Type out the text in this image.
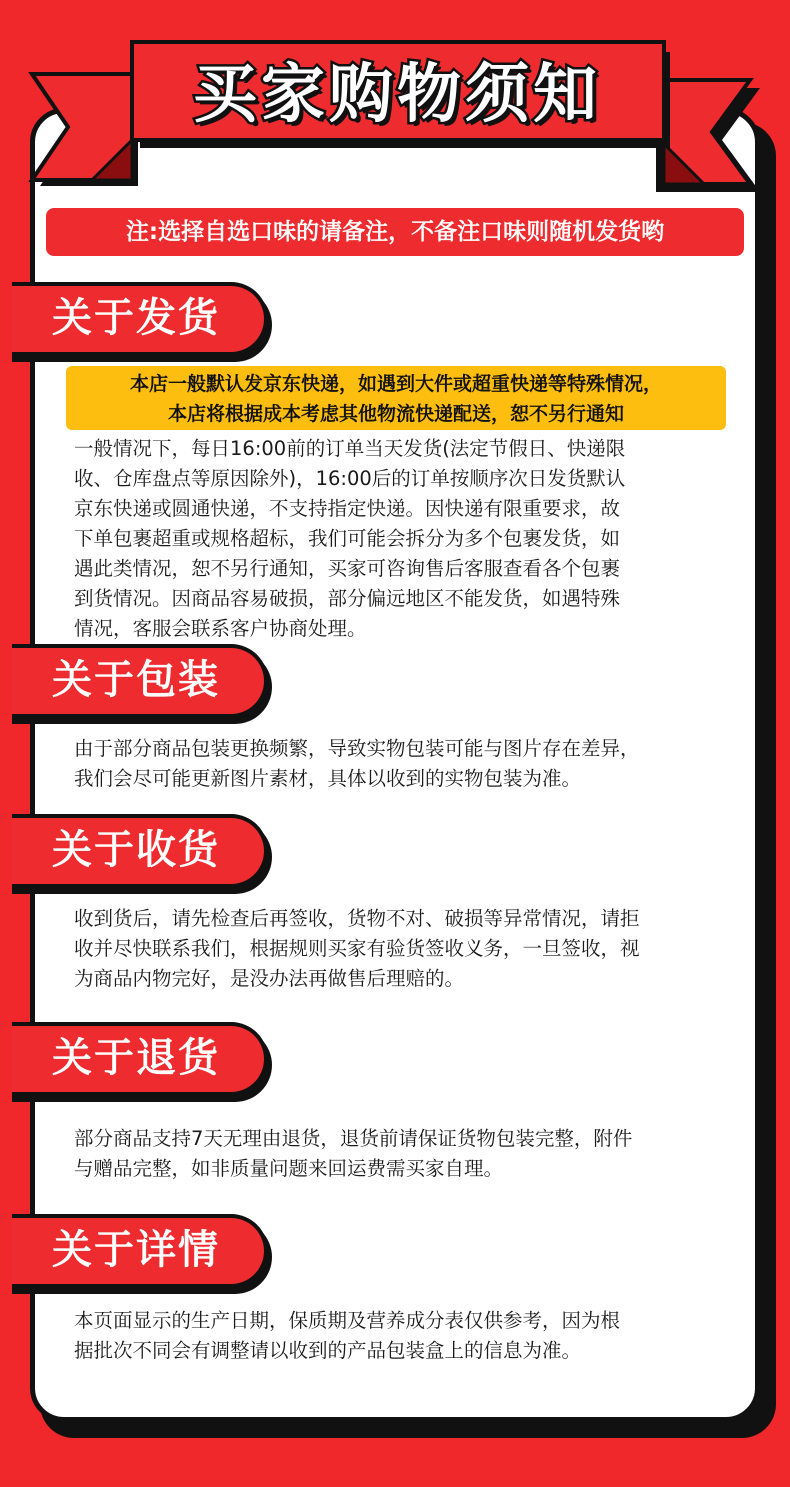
买家购物须知
注:选择自选口味的请备注，不备注口味则随机发货哟
关于发货
本店一般默认发京东快递，如遇到大件或超重快递等特殊情况，
本店将根据成本考虑其他物流快递配送，恕不另行通知
一般情况下，每日16:00前的订单当天发货(法定节假日、快递限
收、仓库盘点等原因除外)，16:00后的订单按顺序次日发货默认
京东快递或圆通快递，不支持指定快递。因快递有限重要求，故
下单包裹超重或规格超标，我们可能会拆分为多个包裹发货，如
遇此类情况，恕不另行通知，买家可咨询售后客服查看各个包裹
到货情况。因商品容易破损，部分偏远地区不能发货，如遇特殊
情况，客服会联系客户协商处理。
关于包装
由于部分商品包装更换频繁，导致实物包装可能与图片存在差异，
我们会尽可能更新图片素材，具体以收到的实物包装为准。
关于收货
收到货后，请先检查后再签收，货物不对、破损等异常情况，请拒
收并尽快联系我们，根据规则买家有验货签收义务，一旦签收，视
为商品内物完好，是没办法再做售后理赔的。
关于退货
部分商品支持7天无理由退货，退货前请保证货物包装完整，附件
与赠品完整，如非质量问题来回运费需买家自理。
关于详情
本页面显示的生产日期，保质期及营养成分表仅供参考，因为根
据批次不同会有调整请以收到的产品包装盒上的信息为准。
